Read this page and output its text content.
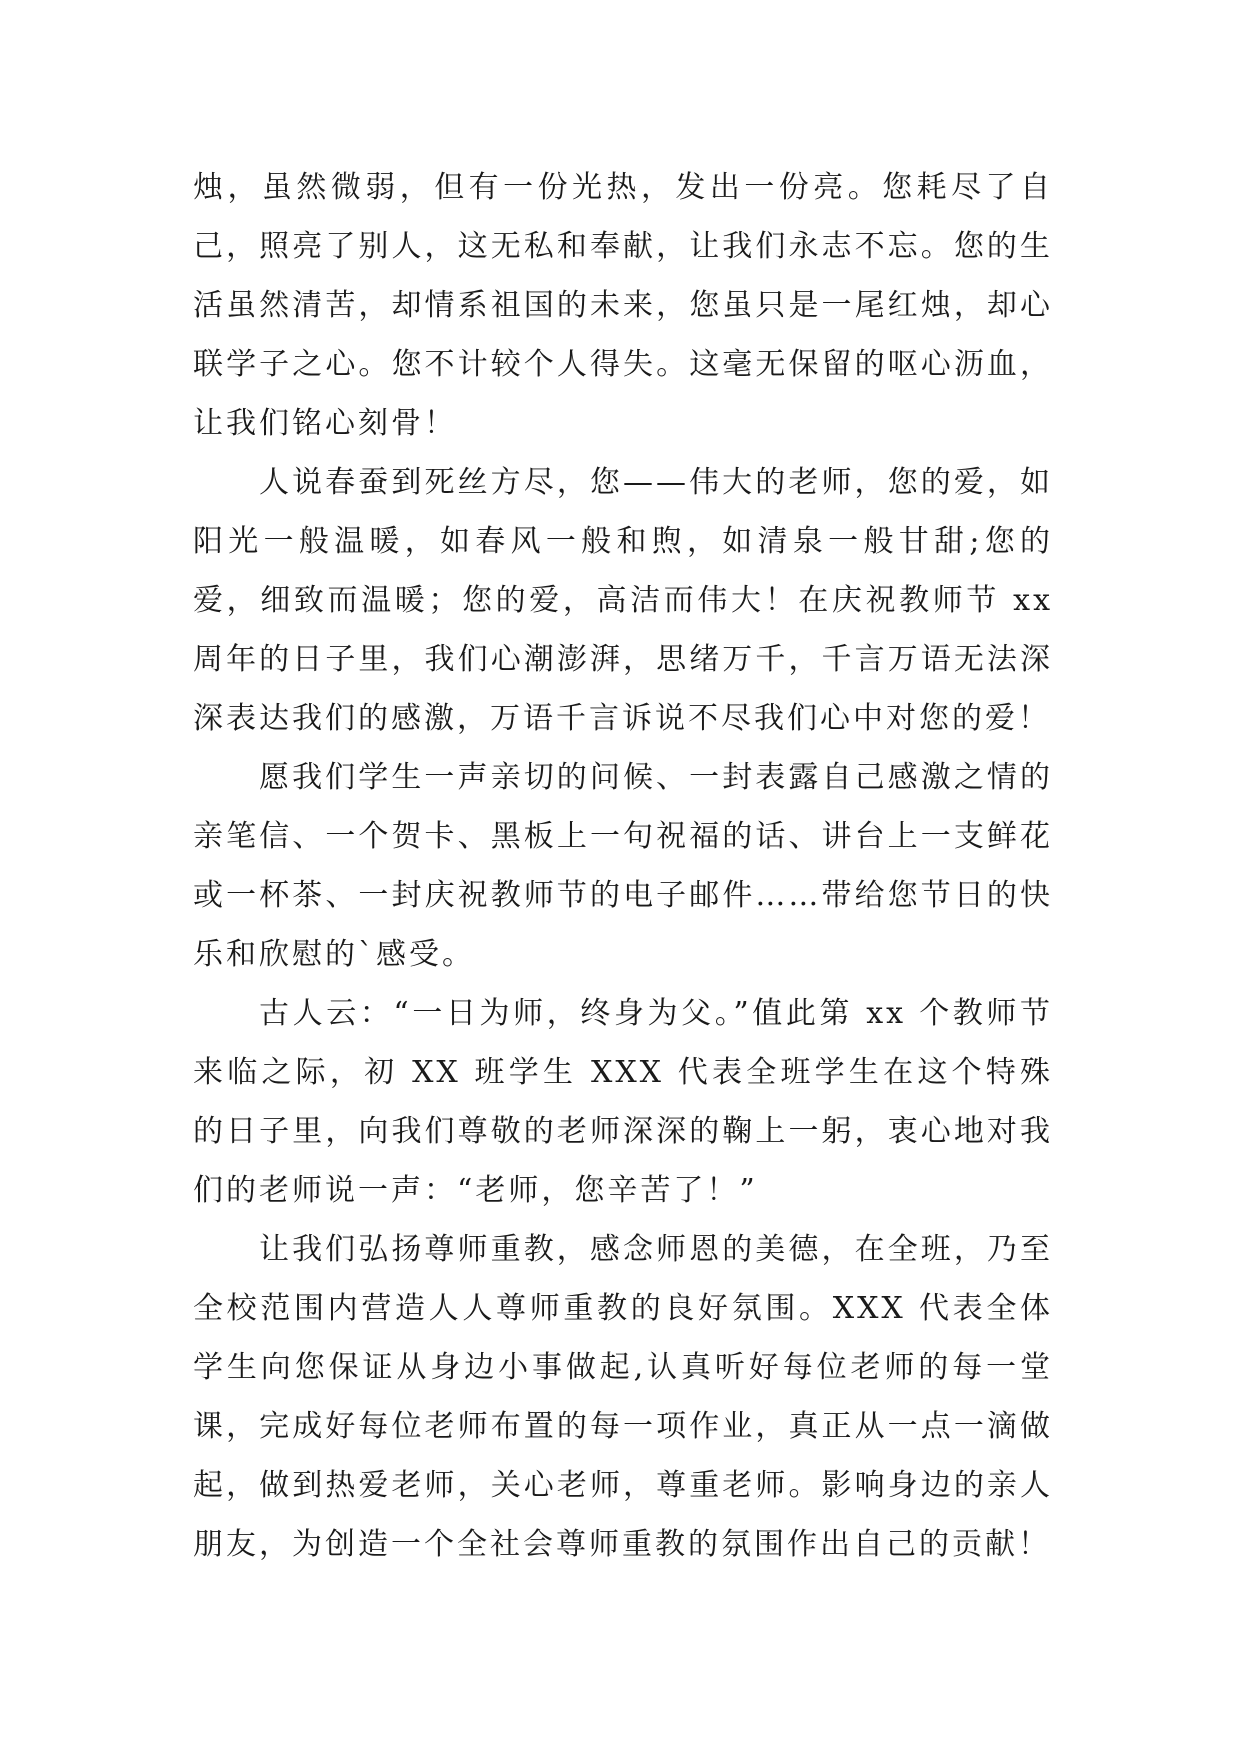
烛，虽然微弱，但有一份光热，发出一份亮。您耗尽了自己，照亮了别人，这无私和奉献，让我们永志不忘。您的生活虽然清苦，却情系祖国的未来，您虽只是一尾红烛，却心联学子之心。您不计较个人得失。这毫无保留的呕心沥血，让我们铭心刻骨！

人说春蚕到死丝方尽，您——伟大的老师，您的爱，如阳光一般温暖，如春风一般和煦，如清泉一般甘甜;您的爱，细致而温暖；您的爱，高洁而伟大！在庆祝教师节 xx 周年的日子里，我们心潮澎湃，思绪万千，千言万语无法深深表达我们的感激，万语千言诉说不尽我们心中对您的爱！

愿我们学生一声亲切的问候、一封表露自己感激之情的亲笔信、一个贺卡、黑板上一句祝福的话、讲台上一支鲜花或一杯茶、一封庆祝教师节的电子邮件……带给您节日的快乐和欣慰的`感受。

古人云：“一日为师，终身为父。”值此第 xx 个教师节来临之际，初 XX 班学生 XXX 代表全班学生在这个特殊的日子里，向我们尊敬的老师深深的鞠上一躬，衷心地对我们的老师说一声：“老师，您辛苦了！”

让我们弘扬尊师重教，感念师恩的美德，在全班，乃至全校范围内营造人人尊师重教的良好氛围。XXX 代表全体学生向您保证从身边小事做起,认真听好每位老师的每一堂课，完成好每位老师布置的每一项作业，真正从一点一滴做起，做到热爱老师，关心老师，尊重老师。影响身边的亲人朋友，为创造一个全社会尊师重教的氛围作出自己的贡献！
